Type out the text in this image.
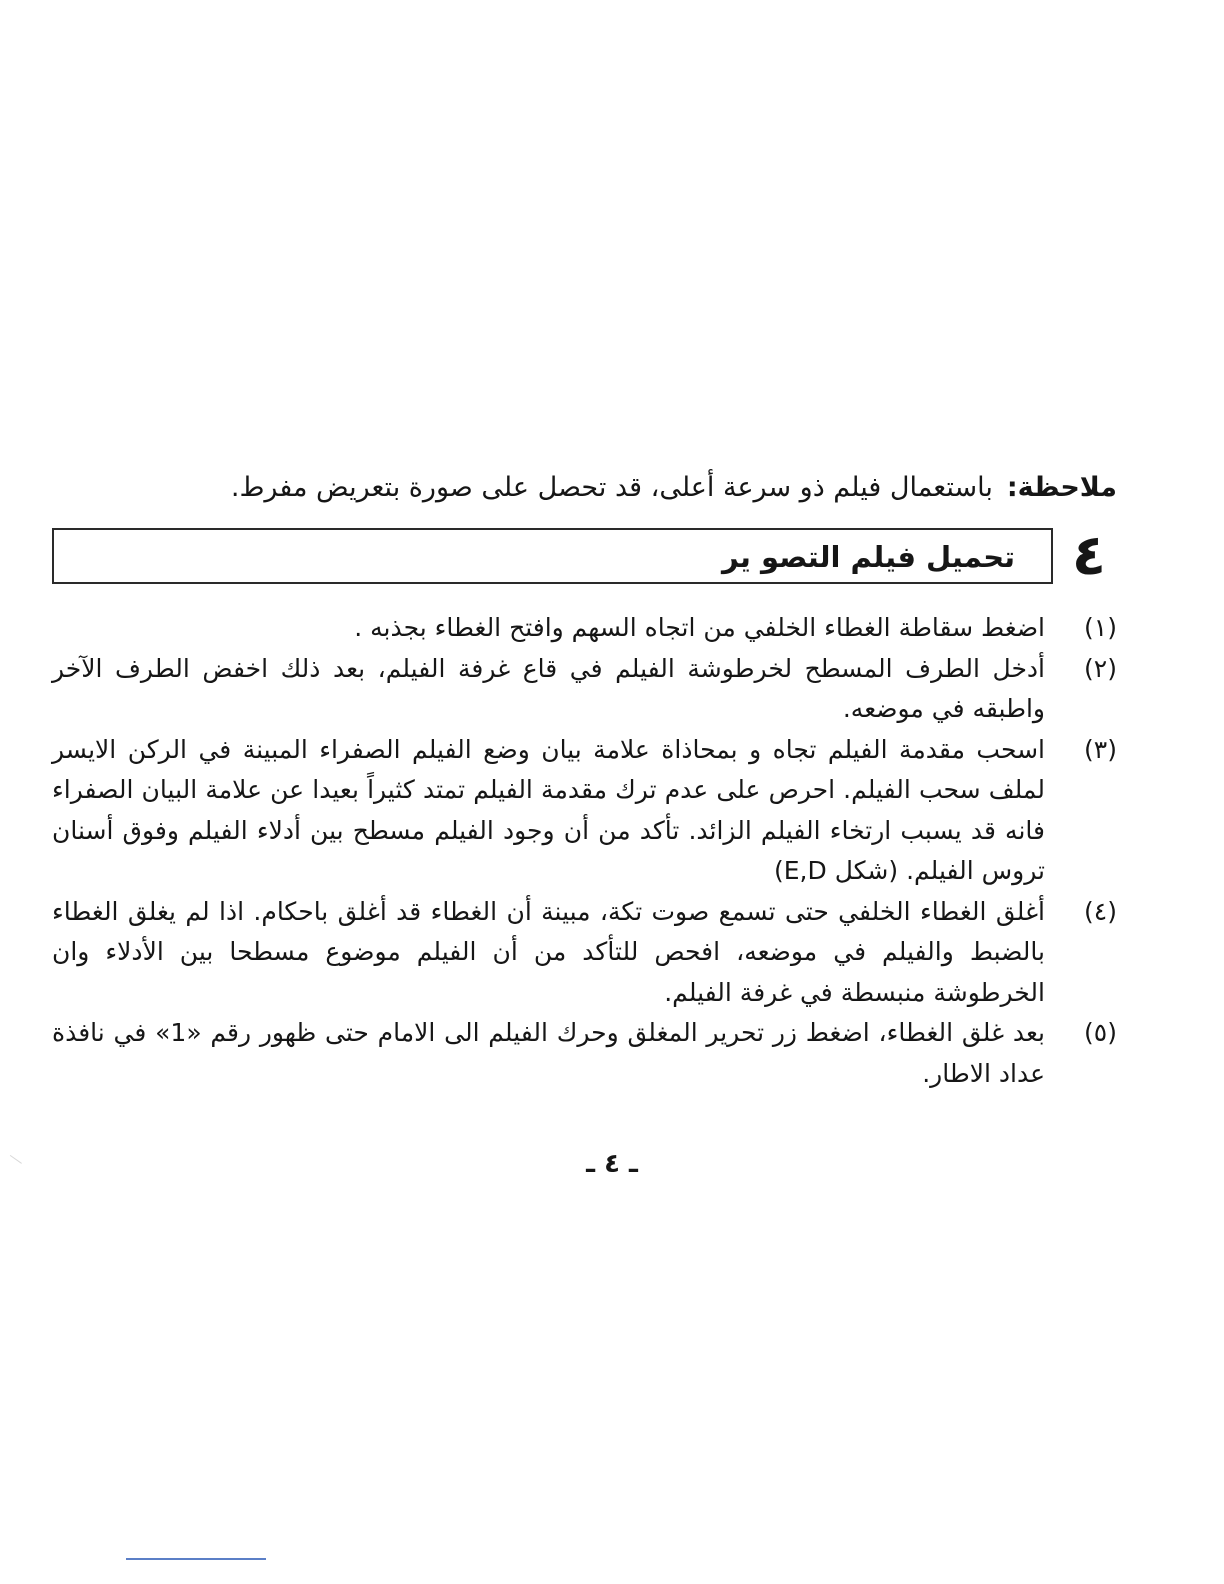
ملاحظة:باستعمال فيلم ذو سرعة أعلى، قد تحصل على صورة بتعريض مفرط.
٤
تحميل فيلم التصو ير
(١)
اضغط سقاطة الغطاء الخلفي من اتجاه السهم وافتح الغطاء بجذبه .
(٢)
أدخل الطرف المسطح لخرطوشة الفيلم في قاع غرفة الفيلم، بعد ذلك اخفض الطرف الآخر واطبقه في موضعه.
(٣)
اسحب مقدمة الفيلم تجاه و بمحاذاة علامة بيان وضع الفيلم الصفراء المبينة في الركن الايسر لملف سحب الفيلم. احرص على عدم ترك مقدمة الفيلم تمتد كثيراً بعيدا عن علامة البيان الصفراء فانه قد يسبب ارتخاء الفيلم الزائد. تأكد من أن وجود الفيلم مسطح بين أدلاء الفيلم وفوق أسنان تروس الفيلم. (شكل E,D)
(٤)
أغلق الغطاء الخلفي حتى تسمع صوت تكة، مبينة أن الغطاء قد أغلق باحكام. اذا لم يغلق الغطاء بالضبط والفيلم في موضعه، افحص للتأكد من أن الفيلم موضوع مسطحا بين الأدلاء وان الخرطوشة منبسطة في غرفة الفيلم.
(٥)
بعد غلق الغطاء، اضغط زر تحرير المغلق وحرك الفيلم الى الامام حتى ظهور رقم «1» في نافذة عداد الاطار.
ـ ٤ ـ
